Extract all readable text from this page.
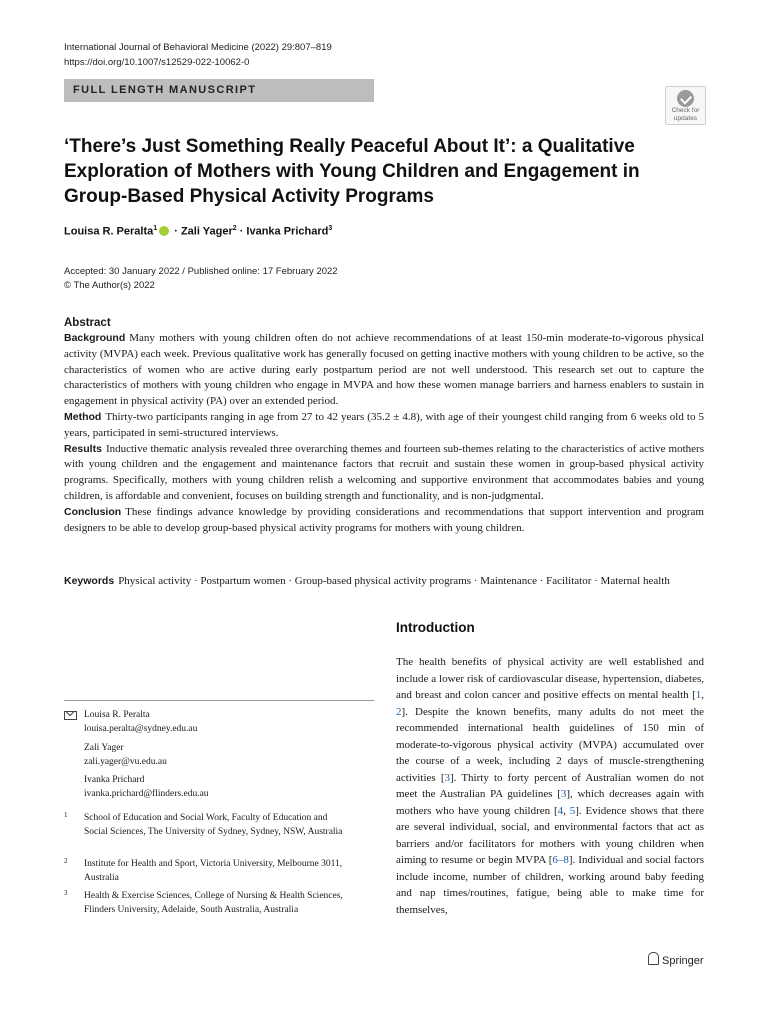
International Journal of Behavioral Medicine (2022) 29:807–819
https://doi.org/10.1007/s12529-022-10062-0
FULL LENGTH MANUSCRIPT
Check for
updates
‘There’s Just Something Really Peaceful About It’: a Qualitative Exploration of Mothers with Young Children and Engagement in Group-Based Physical Activity Programs
Louisa R. Peralta$^1$ · Zali Yager$^2$ · Ivanka Prichard$^3$
Accepted: 30 January 2022 / Published online: 17 February 2022
© The Author(s) 2022
Abstract

Background Many mothers with young children often do not achieve recommendations of at least 150-min moderate-to-vigorous physical activity (MVPA) each week. Previous qualitative work has generally focused on getting inactive mothers with young children to be active, so the characteristics of women who are active during early postpartum period are not well understood. This research set out to capture the characteristics of mothers with young children who engage in MVPA and how these women manage barriers and harness enablers to sustain in engagement in physical activity (PA) over an extended period.

Method Thirty-two participants ranging in age from 27 to 42 years (35.2 ± 4.8), with age of their youngest child ranging from 6 weeks old to 5 years, participated in semi-structured interviews.

Results Inductive thematic analysis revealed three overarching themes and fourteen sub-themes relating to the characteristics of active mothers with young children and the engagement and maintenance factors that recruit and sustain these women in group-based physical activity programs. Specifically, mothers with young children relish a welcoming and supportive environment that accommodates babies and young children, is affordable and convenient, focuses on building strength and functionality, and is non-judgmental.

Conclusion These findings advance knowledge by providing considerations and recommendations that support intervention and program designers to be able to develop group-based physical activity programs for mothers with young children.

Keywords Physical activity · Postpartum women · Group-based physical activity programs · Maintenance · Facilitator · Maternal health
Introduction

The health benefits of physical activity are well established and include a lower risk of cardiovascular disease, hypertension, diabetes, and breast and colon cancer and positive effects on mental health [1, 2]. Despite the known benefits, many adults do not meet the recommended international health guidelines of 150 min of moderate-to-vigorous physical activity (MVPA) accumulated over the course of a week, including 2 days of muscle-strengthening activities [3]. Thirty to forty percent of Australian women do not meet the Australian PA guidelines [3], which decreases again with mothers who have young children [4, 5]. Evidence shows that there are several individual, social, and environmental factors that act as barriers and/or facilitators for mothers with young children when aiming to resume or begin MVPA [6–8]. Individual and social factors include income, number of children, working around baby feeding and nap times/routines, fatigue, being able to make time for themselves,

Louisa R. Peralta
louisa.peralta@sydney.edu.au
Zali Yager
zali.yager@vu.edu.au
Ivanka Prichard
ivanka.prichard@flinders.edu.au
1 School of Education and Social Work, Faculty of Education and Social Sciences, The University of Sydney, Sydney, NSW, Australia
2 Institute for Health and Sport, Victoria University, Melbourne 3011, Australia
3 Health & Exercise Sciences, College of Nursing & Health Sciences, Flinders University, Adelaide, South Australia, Australia
Springer
